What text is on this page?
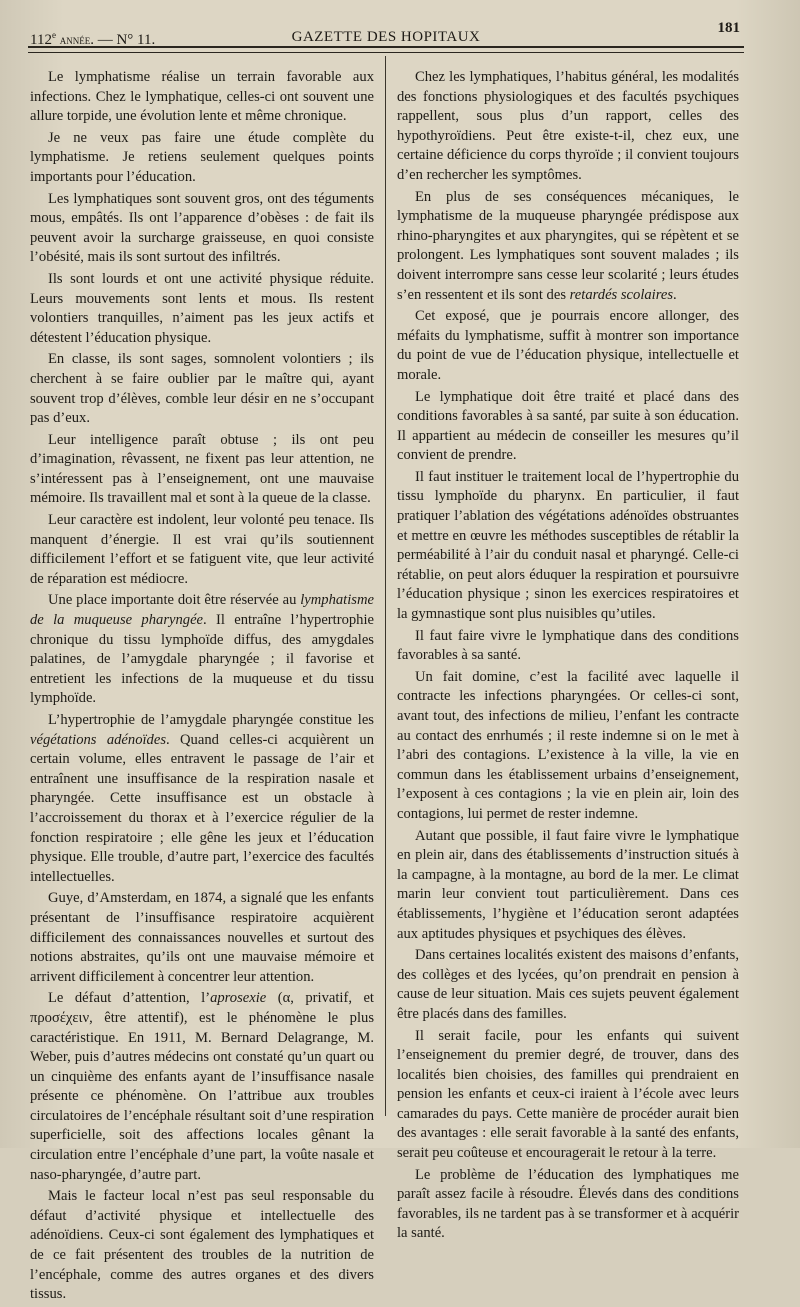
112e année. — N° 11.	GAZETTE DES HOPITAUX
181

Le lymphatisme réalise un terrain favorable aux infections. Chez le lymphatique, celles-ci ont souvent une allure torpide, une évolution lente et même chronique.

Je ne veux pas faire une étude complète du lymphatisme. Je retiens seulement quelques points importants pour l’éducation.

Les lymphatiques sont souvent gros, ont des téguments mous, empâtés. Ils ont l’apparence d’obèses : de fait ils peuvent avoir la surcharge graisseuse, en quoi consiste l’obésité, mais ils sont surtout des infiltrés.

Ils sont lourds et ont une activité physique réduite. Leurs mouvements sont lents et mous. Ils restent volontiers tranquilles, n’aiment pas les jeux actifs et détestent l’éducation physique.

En classe, ils sont sages, somnolent volontiers ; ils cherchent à se faire oublier par le maître qui, ayant souvent trop d’élèves, comble leur désir en ne s’occupant pas d’eux.

Leur intelligence paraît obtuse ; ils ont peu d’imagination, rêvassent, ne fixent pas leur attention, ne s’intéressent pas à l’enseignement, ont une mauvaise mémoire. Ils travaillent mal et sont à la queue de la classe.

Leur caractère est indolent, leur volonté peu tenace. Ils manquent d’énergie. Il est vrai qu’ils soutiennent difficilement l’effort et se fatiguent vite, que leur activité de réparation est médiocre.

Une place importante doit être réservée au lymphatisme de la muqueuse pharyngée. Il entraîne l’hypertrophie chronique du tissu lymphoïde diffus, des amygdales palatines, de l’amygdale pharyngée ; il favorise et entretient les infections de la muqueuse et du tissu lymphoïde.

L’hypertrophie de l’amygdale pharyngée constitue les végétations adénoïdes. Quand celles-ci acquièrent un certain volume, elles entravent le passage de l’air et entraînent une insuffisance de la respiration nasale et pharyngée. Cette insuffisance est un obstacle à l’accroissement du thorax et à l’exercice régulier de la fonction respiratoire ; elle gêne les jeux et l’éducation physique. Elle trouble, d’autre part, l’exercice des facultés intellectuelles.

Guye, d’Amsterdam, en 1874, a signalé que les enfants présentant de l’insuffisance respiratoire acquièrent difficilement des connaissances nouvelles et surtout des notions abstraites, qu’ils ont une mauvaise mémoire et arrivent difficilement à concentrer leur attention.

Le défaut d’attention, l’aprosexie (α, privatif, et προσέχειν, être attentif), est le phénomène le plus caractéristique. En 1911, M. Bernard Delagrange, M. Weber, puis d’autres médecins ont constaté qu’un quart ou un cinquième des enfants ayant de l’insuffisance nasale présente ce phénomène. On l’attribue aux troubles circulatoires de l’encéphale résultant soit d’une respiration superficielle, soit des affections locales gênant la circulation entre l’encéphale d’une part, la voûte nasale et naso-pharyngée, d’autre part.

Mais le facteur local n’est pas seul responsable du défaut d’activité physique et intellectuelle des adénoïdiens. Ceux-ci sont également des lymphatiques et de ce fait présentent des troubles de la nutrition de l’encéphale, comme des autres organes et des divers tissus.

Chez les lymphatiques, l’habitus général, les modalités des fonctions physiologiques et des facultés psychiques rappellent, sous plus d’un rapport, celles des hypothyroïdiens. Peut être existe-t-il, chez eux, une certaine déficience du corps thyroïde ; il convient toujours d’en rechercher les symptômes.

En plus de ses conséquences mécaniques, le lymphatisme de la muqueuse pharyngée prédispose aux rhino-pharyngites et aux pharyngites, qui se répètent et se prolongent. Les lymphatiques sont souvent malades ; ils doivent interrompre sans cesse leur scolarité ; leurs études s’en ressentent et ils sont des retardés scolaires.

Cet exposé, que je pourrais encore allonger, des méfaits du lymphatisme, suffit à montrer son importance du point de vue de l’éducation physique, intellectuelle et morale.

Le lymphatique doit être traité et placé dans des conditions favorables à sa santé, par suite à son éducation. Il appartient au médecin de conseiller les mesures qu’il convient de prendre.

Il faut instituer le traitement local de l’hypertrophie du tissu lymphoïde du pharynx. En particulier, il faut pratiquer l’ablation des végétations adénoïdes obstruantes et mettre en œuvre les méthodes susceptibles de rétablir la perméabilité à l’air du conduit nasal et pharyngé. Celle-ci rétablie, on peut alors éduquer la respiration et poursuivre l’éducation physique ; sinon les exercices respiratoires et la gymnastique sont plus nuisibles qu’utiles.

Il faut faire vivre le lymphatique dans des conditions favorables à sa santé.

Un fait domine, c’est la facilité avec laquelle il contracte les infections pharyngées. Or celles-ci sont, avant tout, des infections de milieu, l’enfant les contracte au contact des enrhumés ; il reste indemne si on le met à l’abri des contagions. L’existence à la ville, la vie en commun dans les établissement urbains d’enseignement, l’exposent à ces contagions ; la vie en plein air, loin des contagions, lui permet de rester indemne.

Autant que possible, il faut faire vivre le lymphatique en plein air, dans des établissements d’instruction situés à la campagne, à la montagne, au bord de la mer. Le climat marin leur convient tout particulièrement. Dans ces établissements, l’hygiène et l’éducation seront adaptées aux aptitudes physiques et psychiques des élèves.

Dans certaines localités existent des maisons d’enfants, des collèges et des lycées, qu’on prendrait en pension à cause de leur situation. Mais ces sujets peuvent également être placés dans des familles.

Il serait facile, pour les enfants qui suivent l’enseignement du premier degré, de trouver, dans des localités bien choisies, des familles qui prendraient en pension les enfants et ceux-ci iraient à l’école avec leurs camarades du pays. Cette manière de procéder aurait bien des avantages : elle serait favorable à la santé des enfants, serait peu coûteuse et encouragerait le retour à la terre.

Le problème de l’éducation des lymphatiques me paraît assez facile à résoudre. Élevés dans des conditions favorables, ils ne tardent pas à se transformer et à acquérir la santé.
